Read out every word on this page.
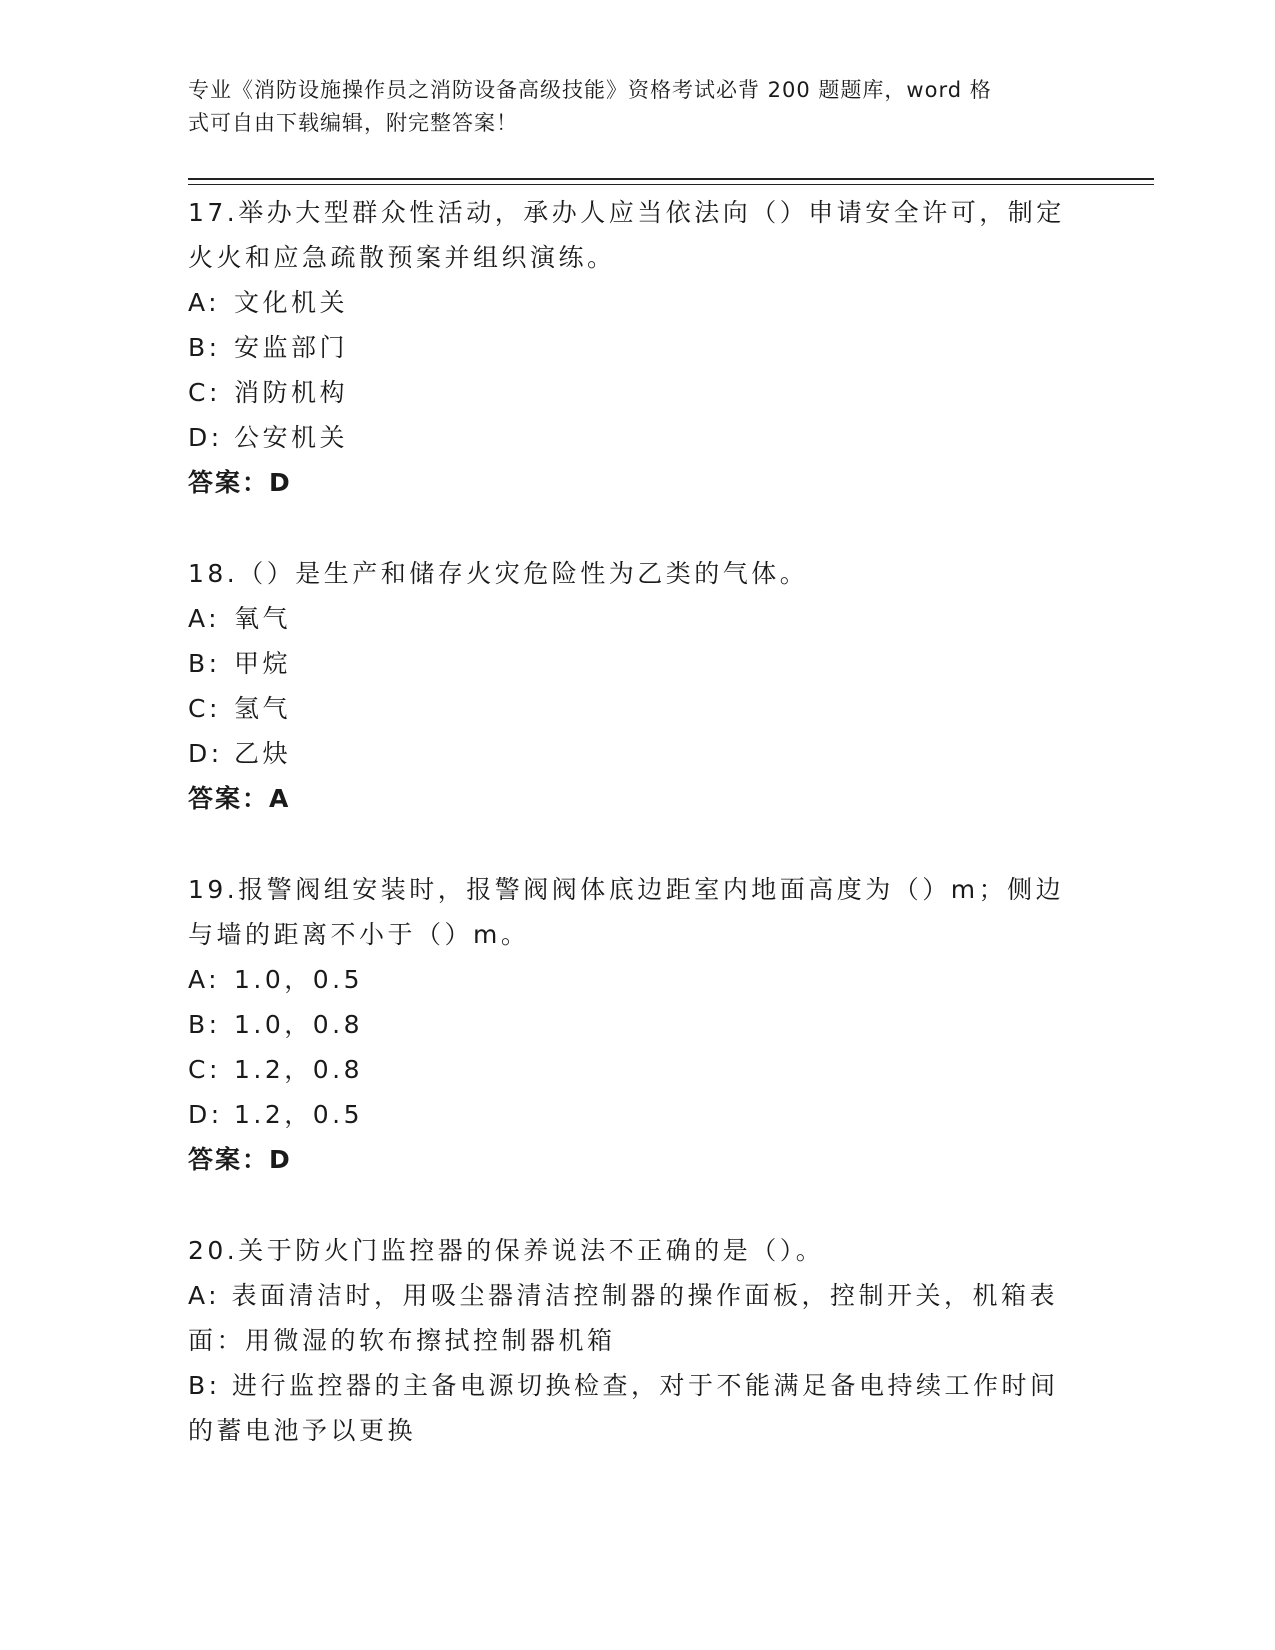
专业《消防设施操作员之消防设备高级技能》资格考试必背 200 题题库，word 格
式可自由下载编辑，附完整答案！
17.举办大型群众性活动，承办人应当依法向（）申请安全许可，制定
火火和应急疏散预案并组织演练。
A: 文化机关
B: 安监部门
C: 消防机构
D: 公安机关
答案：D
18.（）是生产和储存火灾危险性为乙类的气体。
A: 氧气
B: 甲烷
C: 氢气
D: 乙炔
答案：A
19.报警阀组安装时，报警阀阀体底边距室内地面高度为（）m；侧边
与墙的距离不小于（）m。
A: 1.0，0.5
B: 1.0，0.8
C: 1.2，0.8
D: 1.2，0.5
答案：D
20.关于防火门监控器的保养说法不正确的是（）。
A: 表面清洁时，用吸尘器清洁控制器的操作面板，控制开关，机箱表
面：用微湿的软布擦拭控制器机箱
B: 进行监控器的主备电源切换检查，对于不能满足备电持续工作时间
的蓄电池予以更换
